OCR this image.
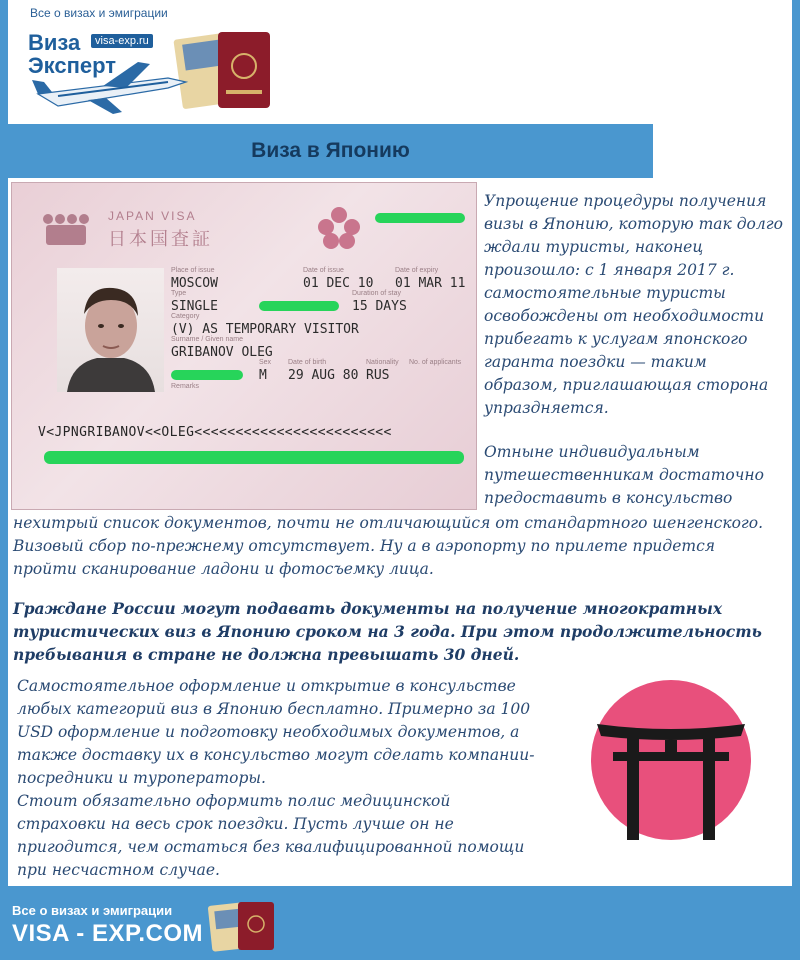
Все о визах и эмиграции
Виза
Эксперт
visa-exp.ru
Виза в Японию
JAPAN VISA
日本国査証
Place of issue	Date of issue	Date of expiry
MOSCOW	01 DEC 10 01 MAR 11
Type	Duration of stay
SINGLE	15 DAYS
Category
(V) AS TEMPORARY VISITOR
Surname / Given name
GRIBANOV OLEG
Sex Date of birth	Nationality No. of applicants
M 29 AUG 80 RUS
Remarks
V<JPNGRIBANOV<<OLEG<<<<<<<<<<<<<<<<<<<<<<<<
Упрощение процедуры получения визы в Японию, которую так долго ждали туристы, наконец произошло: с 1 января 2017 г. самостоятельные туристы освобождены от необходимости прибегать к услугам японского гаранта поездки — таким образом, приглашающая сторона упраздняется.
Отныне индивидуальным путешественникам достаточно предоставить в консульство
нехитрый список документов, почти не отличающийся от стандартного шенгенского. Визовый сбор по-прежнему отсутствует. Ну а в аэропорту по прилете придется пройти сканирование ладони и фотосъемку лица.
Граждане России могут подавать документы на получение многократных туристических виз в Японию сроком на 3 года. При этом продолжительность пребывания в стране не должна превышать 30 дней.
Самостоятельное оформление и открытие в консульстве любых категорий виз в Японию бесплатно. Примерно за 100 USD оформление и подготовку необходимых документов, а также доставку их в консульство могут сделать компании-посредники и туроператоры.
Стоит обязательно оформить полис медицинской страховки на весь срок поездки. Пусть лучше он не пригодится, чем остаться без квалифицированной помощи при несчастном случае.
Все о визах и эмиграции
VISA - EXP.COM
